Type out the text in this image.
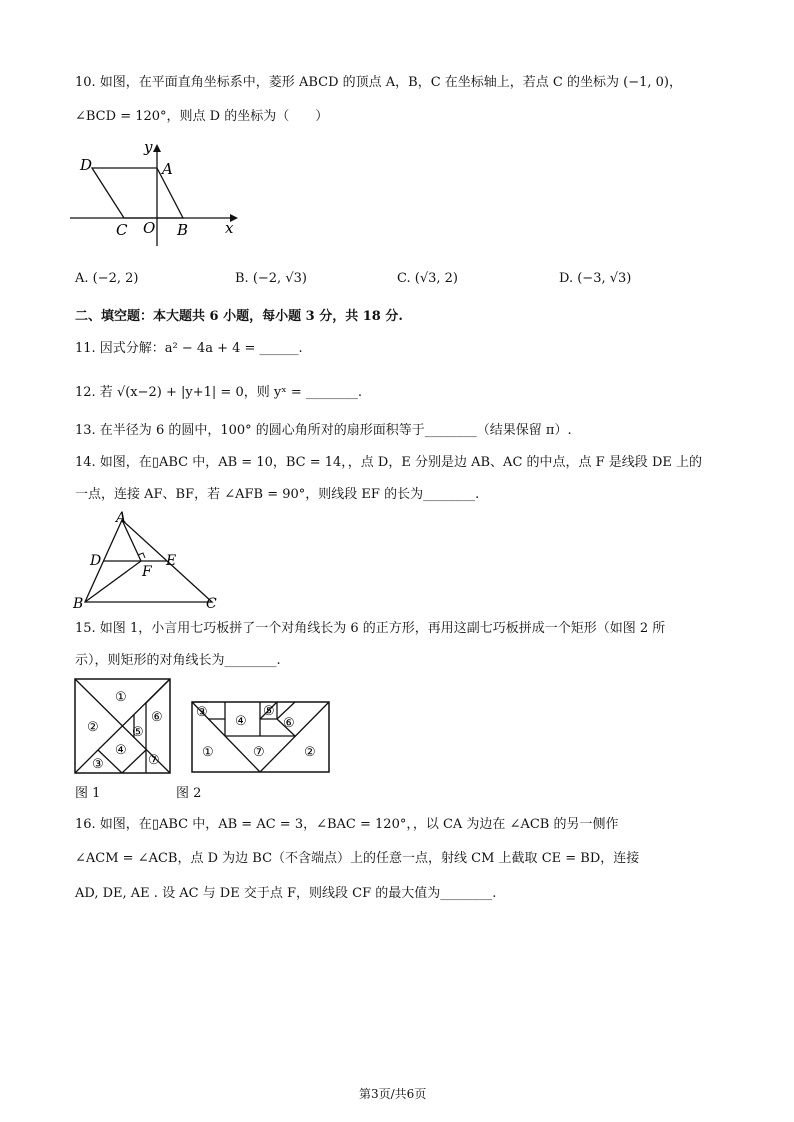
10. 如图，在平面直角坐标系中，菱形 ABCD 的顶点 A，B，C 在坐标轴上，若点 C 的坐标为 (−1, 0)，
∠BCD = 120°，则点 D 的坐标为（　　）
D	A
y
C O B x
A. (−2, 2)	B. (−2, √3)	C. (√3, 2)	D. (−3, √3)
二、填空题：本大题共 6 小题，每小题 3 分，共 18 分.
11. 因式分解：a² − 4a + 4 = ______.
12. 若 √(x−2) + |y+1| = 0，则 yˣ = ________.
13. 在半径为 6 的圆中，100° 的圆心角所对的扇形面积等于________（结果保留 π）.
14. 如图，在▯ABC 中，AB = 10，BC = 14，，点 D，E 分别是边 AB、AC 的中点，点 F 是线段 DE 上的
一点，连接 AF、BF，若 ∠AFB = 90°，则线段 EF 的长为________.
A
D	E
F
B	C
15. 如图 1，小言用七巧板拼了一个对角线长为 6 的正方形，再用这副七巧板拼成一个矩形（如图 2 所
示），则矩形的对角线长为________.
①
②	⑤
⑥
④
③	⑦
③
④
⑤
⑥
①	⑦	②
图 1	图 2
16. 如图，在▯ABC 中，AB = AC = 3，∠BAC = 120°，，以 CA 为边在 ∠ACB 的另一侧作
∠ACM = ∠ACB，点 D 为边 BC（不含端点）上的任意一点，射线 CM 上截取 CE = BD，连接
AD, DE, AE . 设 AC 与 DE 交于点 F，则线段 CF 的最大值为________.
第3页/共6页
